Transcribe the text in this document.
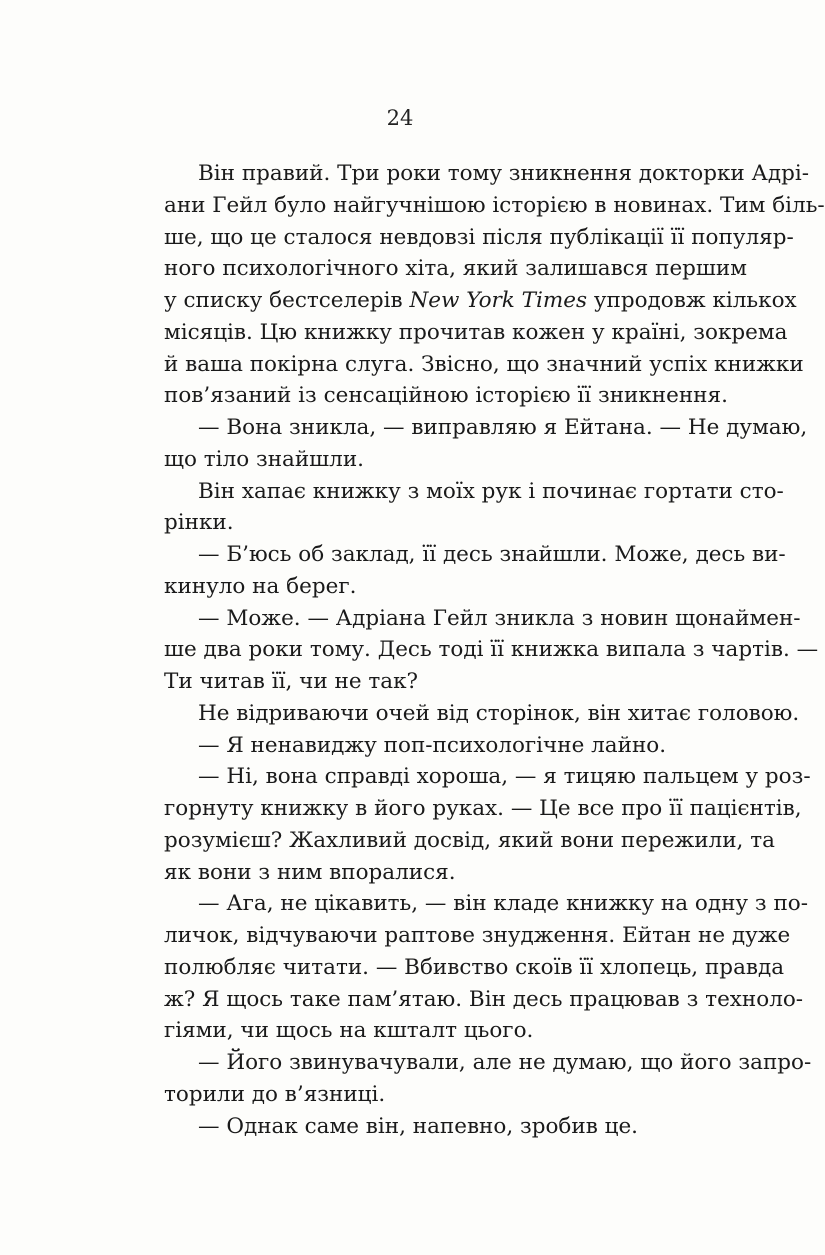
24
Він правий. Три роки тому зникнення докторки Адрі-
ани Гейл було найгучнішою історією в новинах. Тим біль-
ше, що це сталося невдовзі після публікації її популяр-
ного психологічного хіта, який залишався першим
у списку бестселерів New York Times упродовж кількох
місяців. Цю книжку прочитав кожен у країні, зокрема
й ваша покірна слуга. Звісно, що значний успіх книжки
пов’язаний із сенсаційною історією її зникнення.
— Вона зникла, — виправляю я Ейтана. — Не думаю,
що тіло знайшли.
Він хапає книжку з моїх рук і починає гортати сто-
рінки.
— Б’юсь об заклад, її десь знайшли. Може, десь ви-
кинуло на берег.
— Може. — Адріана Гейл зникла з новин щонаймен-
ше два роки тому. Десь тоді її книжка випала з чартів. —
Ти читав її, чи не так?
Не відриваючи очей від сторінок, він хитає головою.
— Я ненавиджу поп-психологічне лайно.
— Ні, вона справді хороша, — я тицяю пальцем у роз-
горнуту книжку в його руках. — Це все про її пацієнтів,
розумієш? Жахливий досвід, який вони пережили, та
як вони з ним впоралися.
— Ага, не цікавить, — він кладе книжку на одну з по-
личок, відчуваючи раптове знудження. Ейтан не дуже
полюбляє читати. — Вбивство скоїв її хлопець, правда
ж? Я щось таке пам’ятаю. Він десь працював з техноло-
гіями, чи щось на кшталт цього.
— Його звинувачували, але не думаю, що його запро-
торили до в’язниці.
— Однак саме він, напевно, зробив це.
